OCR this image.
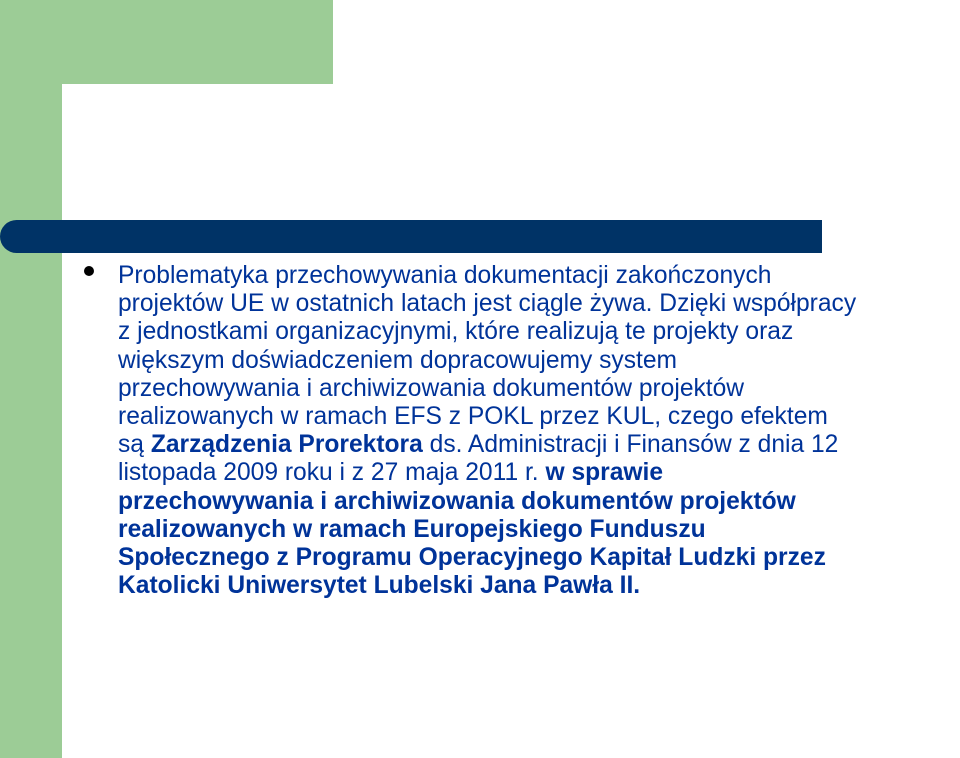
Problematyka przechowywania dokumentacji zakończonych
projektów UE w ostatnich latach jest ciągle żywa. Dzięki współpracy
z jednostkami organizacyjnymi, które realizują te projekty oraz
większym doświadczeniem dopracowujemy system
przechowywania i archiwizowania dokumentów projektów
realizowanych w ramach EFS z POKL przez KUL, czego efektem
są Zarządzenia Prorektora ds. Administracji i Finansów z dnia 12
listopada 2009 roku i z 27 maja 2011 r. w sprawie
przechowywania i archiwizowania dokumentów projektów
realizowanych w ramach Europejskiego Funduszu
Społecznego z Programu Operacyjnego Kapitał Ludzki przez
Katolicki Uniwersytet Lubelski Jana Pawła II.
